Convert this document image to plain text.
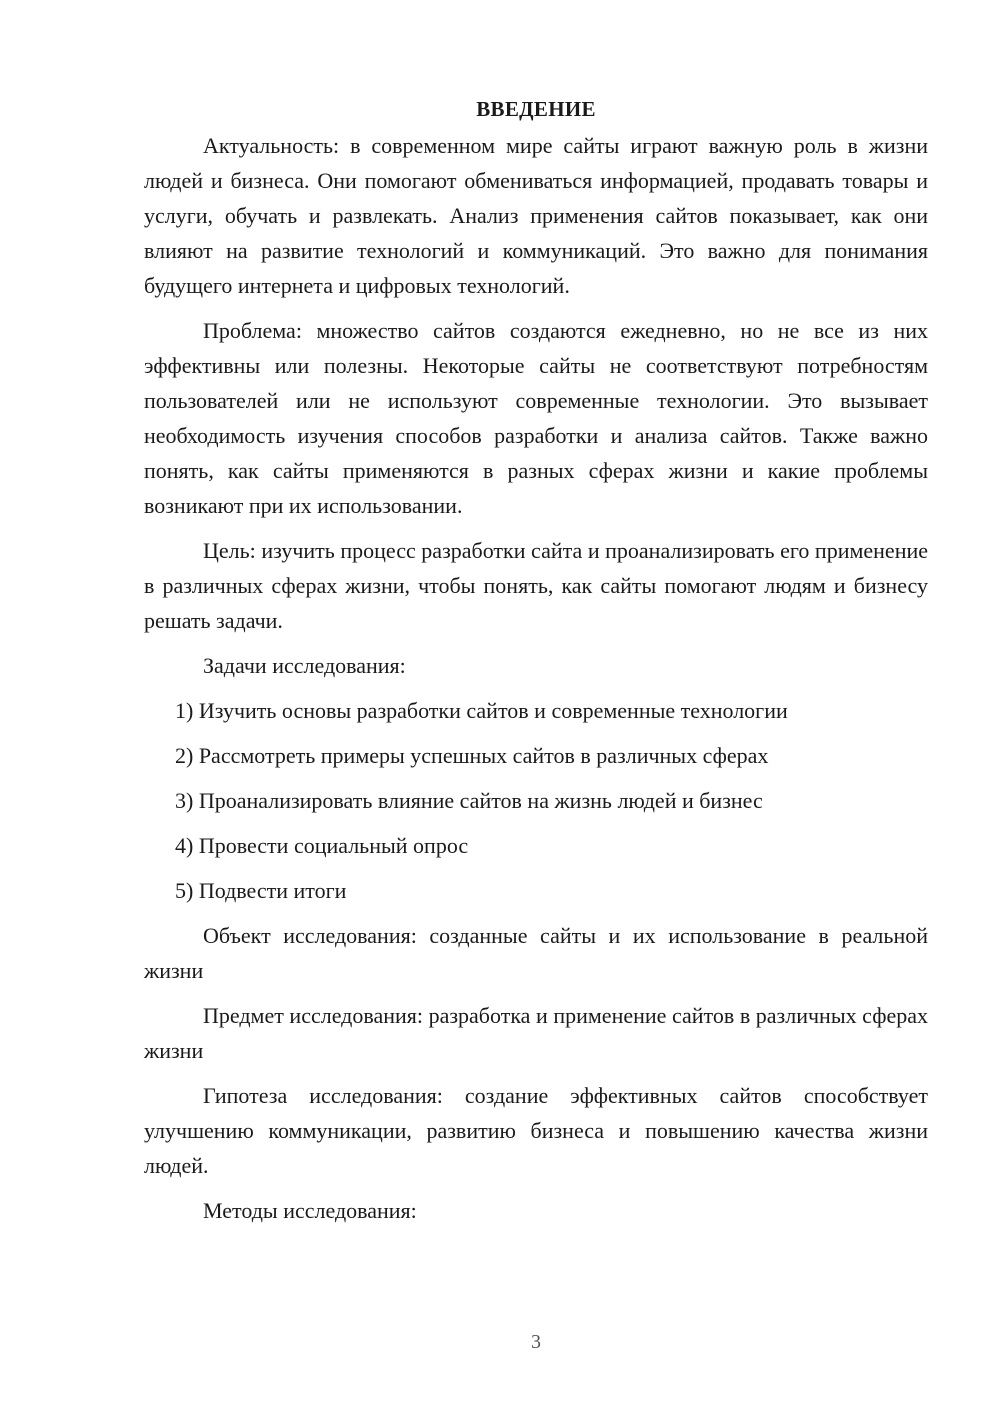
ВВЕДЕНИЕ

Актуальность: в современном мире сайты играют важную роль в жизни людей и бизнеса. Они помогают обмениваться информацией, продавать товары и услуги, обучать и развлекать. Анализ применения сайтов показывает, как они влияют на развитие технологий и коммуникаций. Это важно для понимания будущего интернета и цифровых технологий.

Проблема: множество сайтов создаются ежедневно, но не все из них эффективны или полезны. Некоторые сайты не соответствуют потребностям пользователей или не используют современные технологии. Это вызывает необходимость изучения способов разработки и анализа сайтов. Также важно понять, как сайты применяются в разных сферах жизни и какие проблемы возникают при их использовании.

Цель: изучить процесс разработки сайта и проанализировать его применение в различных сферах жизни, чтобы понять, как сайты помогают людям и бизнесу решать задачи.

Задачи исследования:

1) Изучить основы разработки сайтов и современные технологии
2) Рассмотреть примеры успешных сайтов в различных сферах
3) Проанализировать влияние сайтов на жизнь людей и бизнес
4) Провести социальный опрос
5) Подвести итоги

Объект исследования: созданные сайты и их использование в реальной жизни

Предмет исследования: разработка и применение сайтов в различных сферах жизни

Гипотеза исследования: создание эффективных сайтов способствует улучшению коммуникации, развитию бизнеса и повышению качества жизни людей.

Методы исследования:

3
